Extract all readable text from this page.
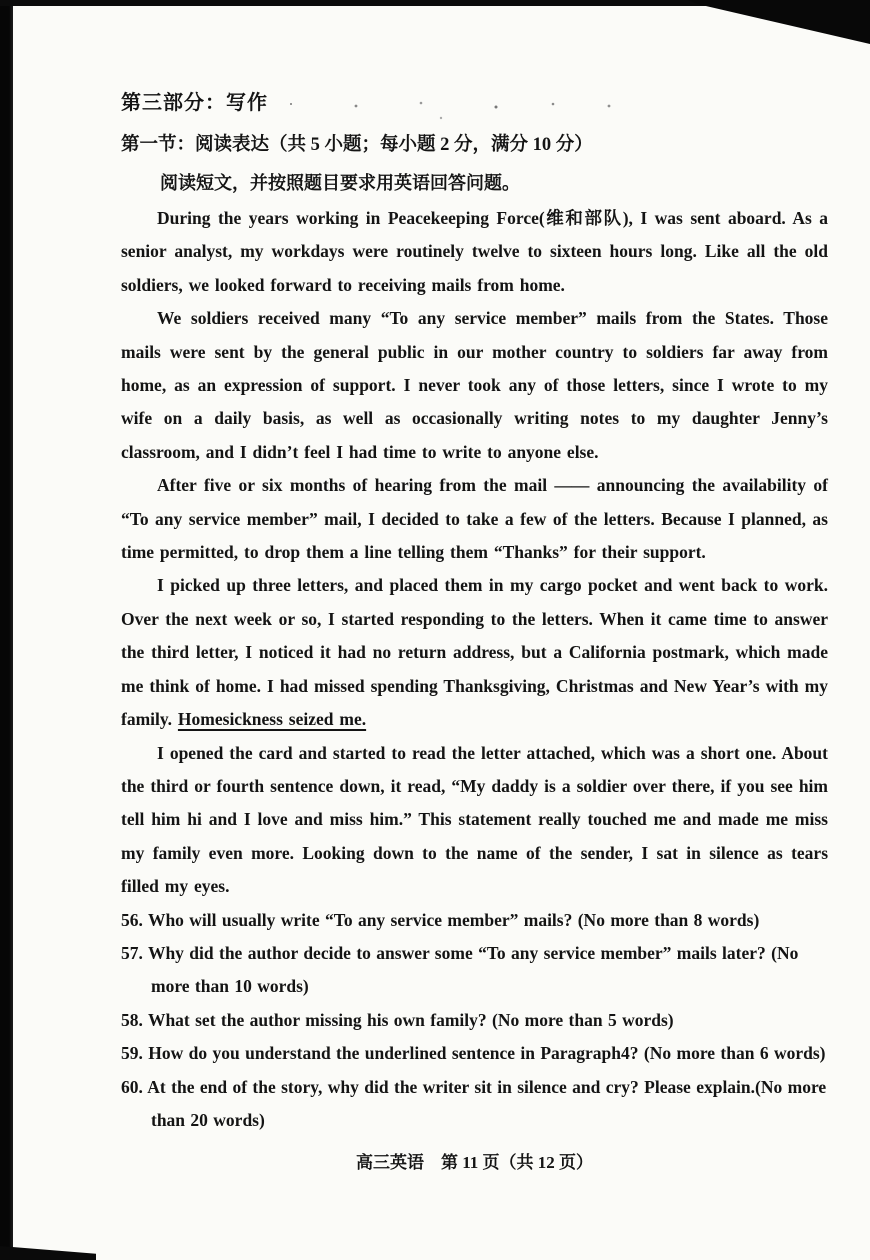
第三部分：写作
第一节：阅读表达（共 5 小题；每小题 2 分，满分 10 分）
阅读短文，并按照题目要求用英语回答问题。

During the years working in Peacekeeping Force(维和部队), I was sent aboard. As a senior analyst, my workdays were routinely twelve to sixteen hours long. Like all the old soldiers, we looked forward to receiving mails from home.

We soldiers received many “To any service member” mails from the States. Those mails were sent by the general public in our mother country to soldiers far away from home, as an expression of support. I never took any of those letters, since I wrote to my wife on a daily basis, as well as occasionally writing notes to my daughter Jenny’s classroom, and I didn’t feel I had time to write to anyone else.

After five or six months of hearing from the mail —— announcing the availability of “To any service member” mail, I decided to take a few of the letters. Because I planned, as time permitted, to drop them a line telling them “Thanks” for their support.

I picked up three letters, and placed them in my cargo pocket and went back to work. Over the next week or so, I started responding to the letters. When it came time to answer the third letter, I noticed it had no return address, but a California postmark, which made me think of home. I had missed spending Thanksgiving, Christmas and New Year’s with my family. Homesickness seized me.

I opened the card and started to read the letter attached, which was a short one. About the third or fourth sentence down, it read, “My daddy is a soldier over there, if you see him tell him hi and I love and miss him.” This statement really touched me and made me miss my family even more. Looking down to the name of the sender, I sat in silence as tears filled my eyes.

56. Who will usually write “To any service member” mails? (No more than 8 words)
57. Why did the author decide to answer some “To any service member” mails later? (No more than 10 words)
58. What set the author missing his own family? (No more than 5 words)
59. How do you understand the underlined sentence in Paragraph4? (No more than 6 words)
60. At the end of the story, why did the writer sit in silence and cry? Please explain.(No more than 20 words)
高三英语　第 11 页（共 12 页）
